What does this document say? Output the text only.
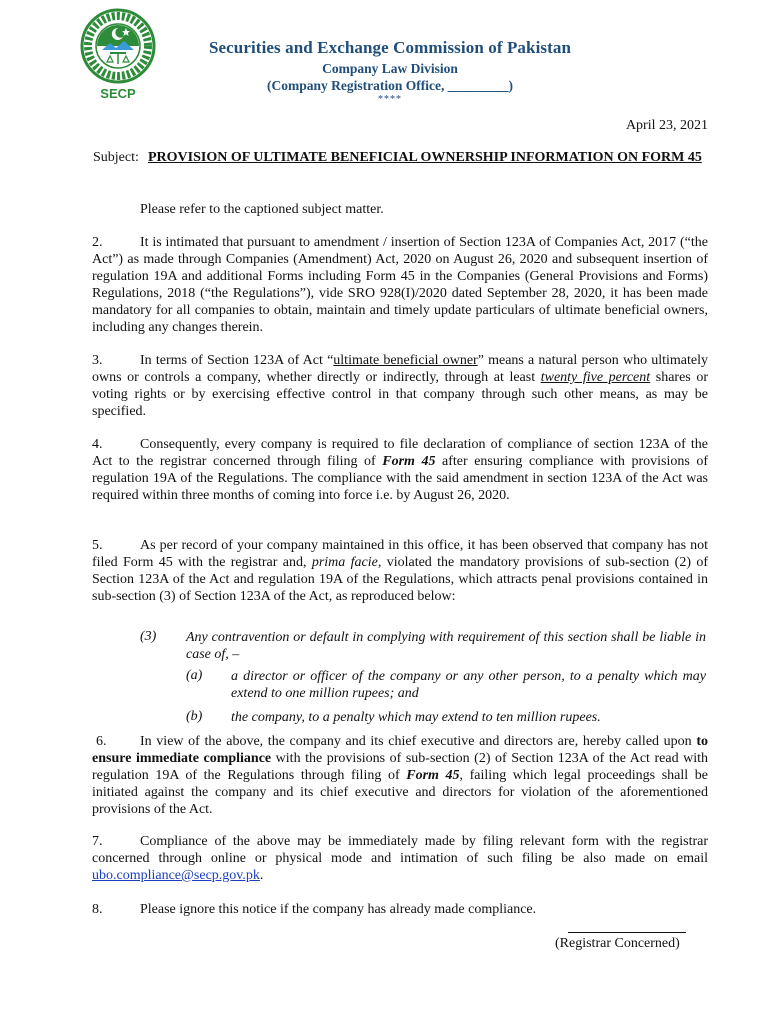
SECP
Securities and Exchange Commission of Pakistan
Company Law Division
(Company Registration Office, _________)
****
April 23, 2021
Subject: PROVISION OF ULTIMATE BENEFICIAL OWNERSHIP INFORMATION ON FORM 45
Please refer to the captioned subject matter.
2.	It is intimated that pursuant to amendment / insertion of Section 123A of Companies Act, 2017 (“the Act”) as made through Companies (Amendment) Act, 2020 on August 26, 2020 and subsequent insertion of regulation 19A and additional Forms including Form 45 in the Companies (General Provisions and Forms) Regulations, 2018 (“the Regulations”), vide SRO 928(I)/2020 dated September 28, 2020, it has been made mandatory for all companies to obtain, maintain and timely update particulars of ultimate beneficial owners, including any changes therein.
3.	In terms of Section 123A of Act “ultimate beneficial owner” means a natural person who ultimately owns or controls a company, whether directly or indirectly, through at least twenty five percent shares or voting rights or by exercising effective control in that company through such other means, as may be specified.
4.	Consequently, every company is required to file declaration of compliance of section 123A of the Act to the registrar concerned through filing of Form 45 after ensuring compliance with provisions of regulation 19A of the Regulations. The compliance with the said amendment in section 123A of the Act was required within three months of coming into force i.e. by August 26, 2020.
5.	As per record of your company maintained in this office, it has been observed that company has not filed Form 45 with the registrar and, prima facie, violated the mandatory provisions of sub-section (2) of Section 123A of the Act and regulation 19A of the Regulations, which attracts penal provisions contained in sub-section (3) of Section 123A of the Act, as reproduced below:
(3) Any contravention or default in complying with requirement of this section shall be liable in case of, –
(a) a director or officer of the company or any other person, to a penalty which may extend to one million rupees; and
(b) the company, to a penalty which may extend to ten million rupees.
6. In view of the above, the company and its chief executive and directors are, hereby called upon to ensure immediate compliance with the provisions of sub-section (2) of Section 123A of the Act read with regulation 19A of the Regulations through filing of Form 45, failing which legal proceedings shall be initiated against the company and its chief executive and directors for violation of the aforementioned provisions of the Act.
7.	Compliance of the above may be immediately made by filing relevant form with the registrar concerned through online or physical mode and intimation of such filing be also made on email ubo.compliance@secp.gov.pk.
8.	Please ignore this notice if the company has already made compliance.
(Registrar Concerned)
